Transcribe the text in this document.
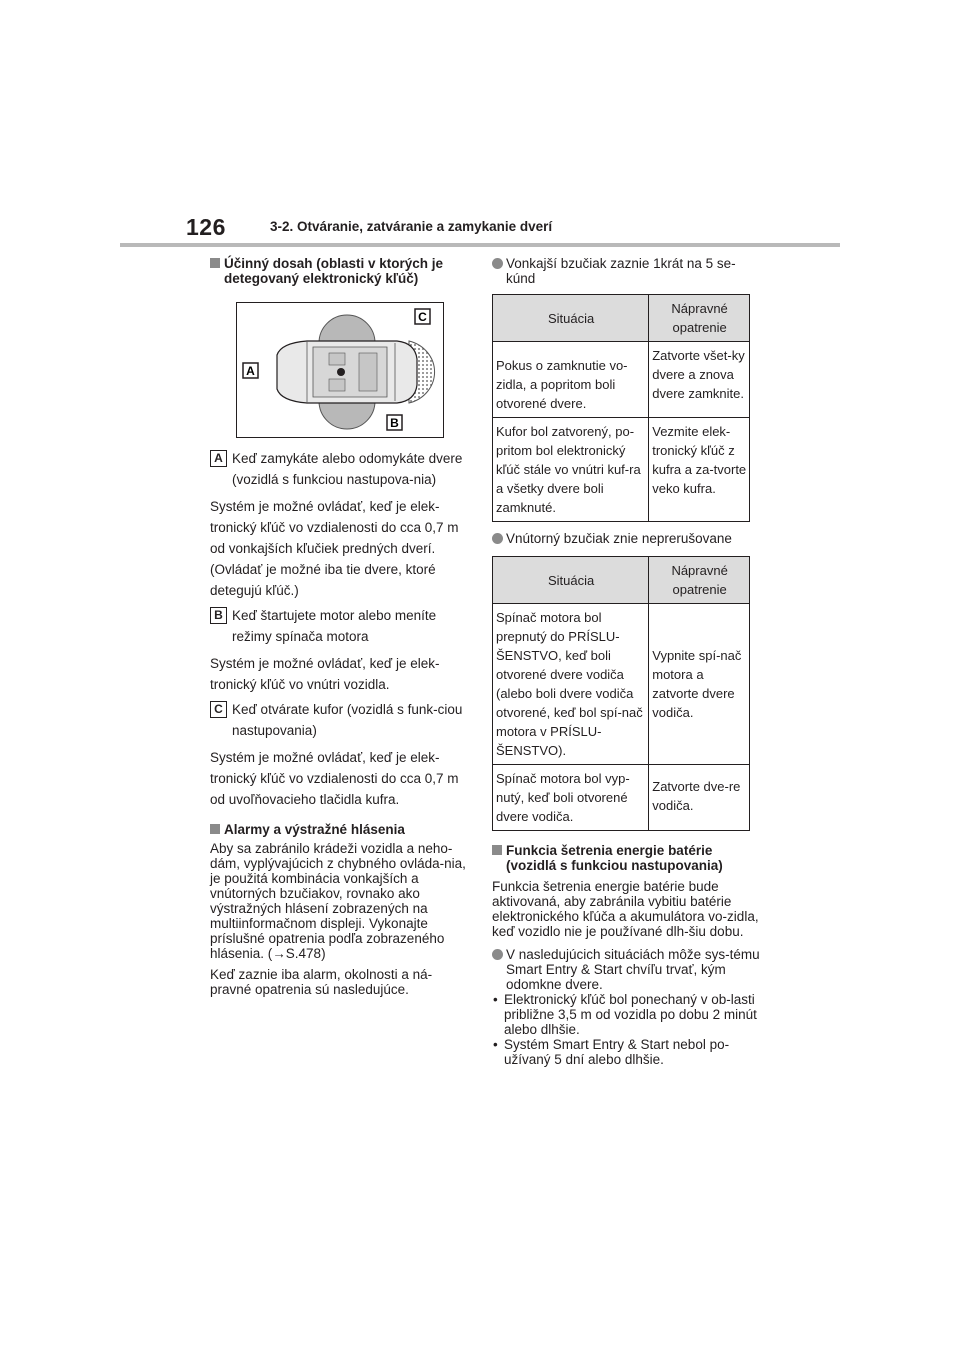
126	3-2. Otváranie, zatváranie a zamykanie dverí
Účinný dosah (oblasti v ktorých je detegovaný elektronický kľúč)
C
A
B
A Keď zamykáte alebo odomykáte dvere (vozidlá s funkciou nastupova-nia)
Systém je možné ovládať, keď je elek-tronický kľúč vo vzdialenosti do cca 0,7 m od vonkajších kľučiek predných dverí. (Ovládať je možné iba tie dvere, ktoré detegujú kľúč.)
B Keď štartujete motor alebo meníte režimy spínača motora
Systém je možné ovládať, keď je elek-tronický kľúč vo vnútri vozidla.
C Keď otvárate kufor (vozidlá s funk-ciou nastupovania)
Systém je možné ovládať, keď je elek-tronický kľúč vo vzdialenosti do cca 0,7 m od uvoľňovacieho tlačidla kufra.
Alarmy a výstražné hlásenia
Aby sa zabránilo krádeži vozidla a neho-dám, vyplývajúcich z chybného ovláda-nia, je použitá kombinácia vonkajších a vnútorných bzučiakov, rovnako ako výstražných hlásení zobrazených na multiinformačnom displeji. Vykonajte príslušné opatrenia podľa zobrazeného hlásenia. (→S.478)
Keď zaznie iba alarm, okolnosti a ná-pravné opatrenia sú nasledujúce.
Vonkajší bzučiak zaznie 1krát na 5 se-kúnd
Situácia	Nápravné opatrenie
Pokus o zamknutie vo-zidla, a popritom boli otvorené dvere.	Zatvorte všet-ky dvere a znova dvere zamknite.
Kufor bol zatvorený, po-pritom bol elektronický kľúč stále vo vnútri kuf-ra a všetky dvere boli zamknuté.	Vezmite elek-tronický kľúč z kufra a za-tvorte veko kufra.
Vnútorný bzučiak znie neprerušovane
Situácia	Nápravné opatrenie
Spínač motora bol prepnutý do PRÍSLU-ŠENSTVO, keď boli otvorené dvere vodiča (alebo boli dvere vodiča otvorené, keď bol spí-nač motora v PRÍSLU-ŠENSTVO).	Vypnite spí-nač motora a zatvorte dvere vodiča.
Spínač motora bol vyp-nutý, keď boli otvorené dvere vodiča.	Zatvorte dve-re vodiča.
Funkcia šetrenia energie batérie (vozidlá s funkciou nastupovania)
Funkcia šetrenia energie batérie bude aktivovaná, aby zabránila vybitiu batérie elektronického kľúča a akumulátora vo-zidla, keď vozidlo nie je používané dlh-šiu dobu.
V nasledujúcich situáciách môže sys-tému Smart Entry & Start chvíľu trvať, kým odomkne dvere.
• Elektronický kľúč bol ponechaný v ob-lasti približne 3,5 m od vozidla po dobu 2 minút alebo dlhšie.
• Systém Smart Entry & Start nebol po-užívaný 5 dní alebo dlhšie.
